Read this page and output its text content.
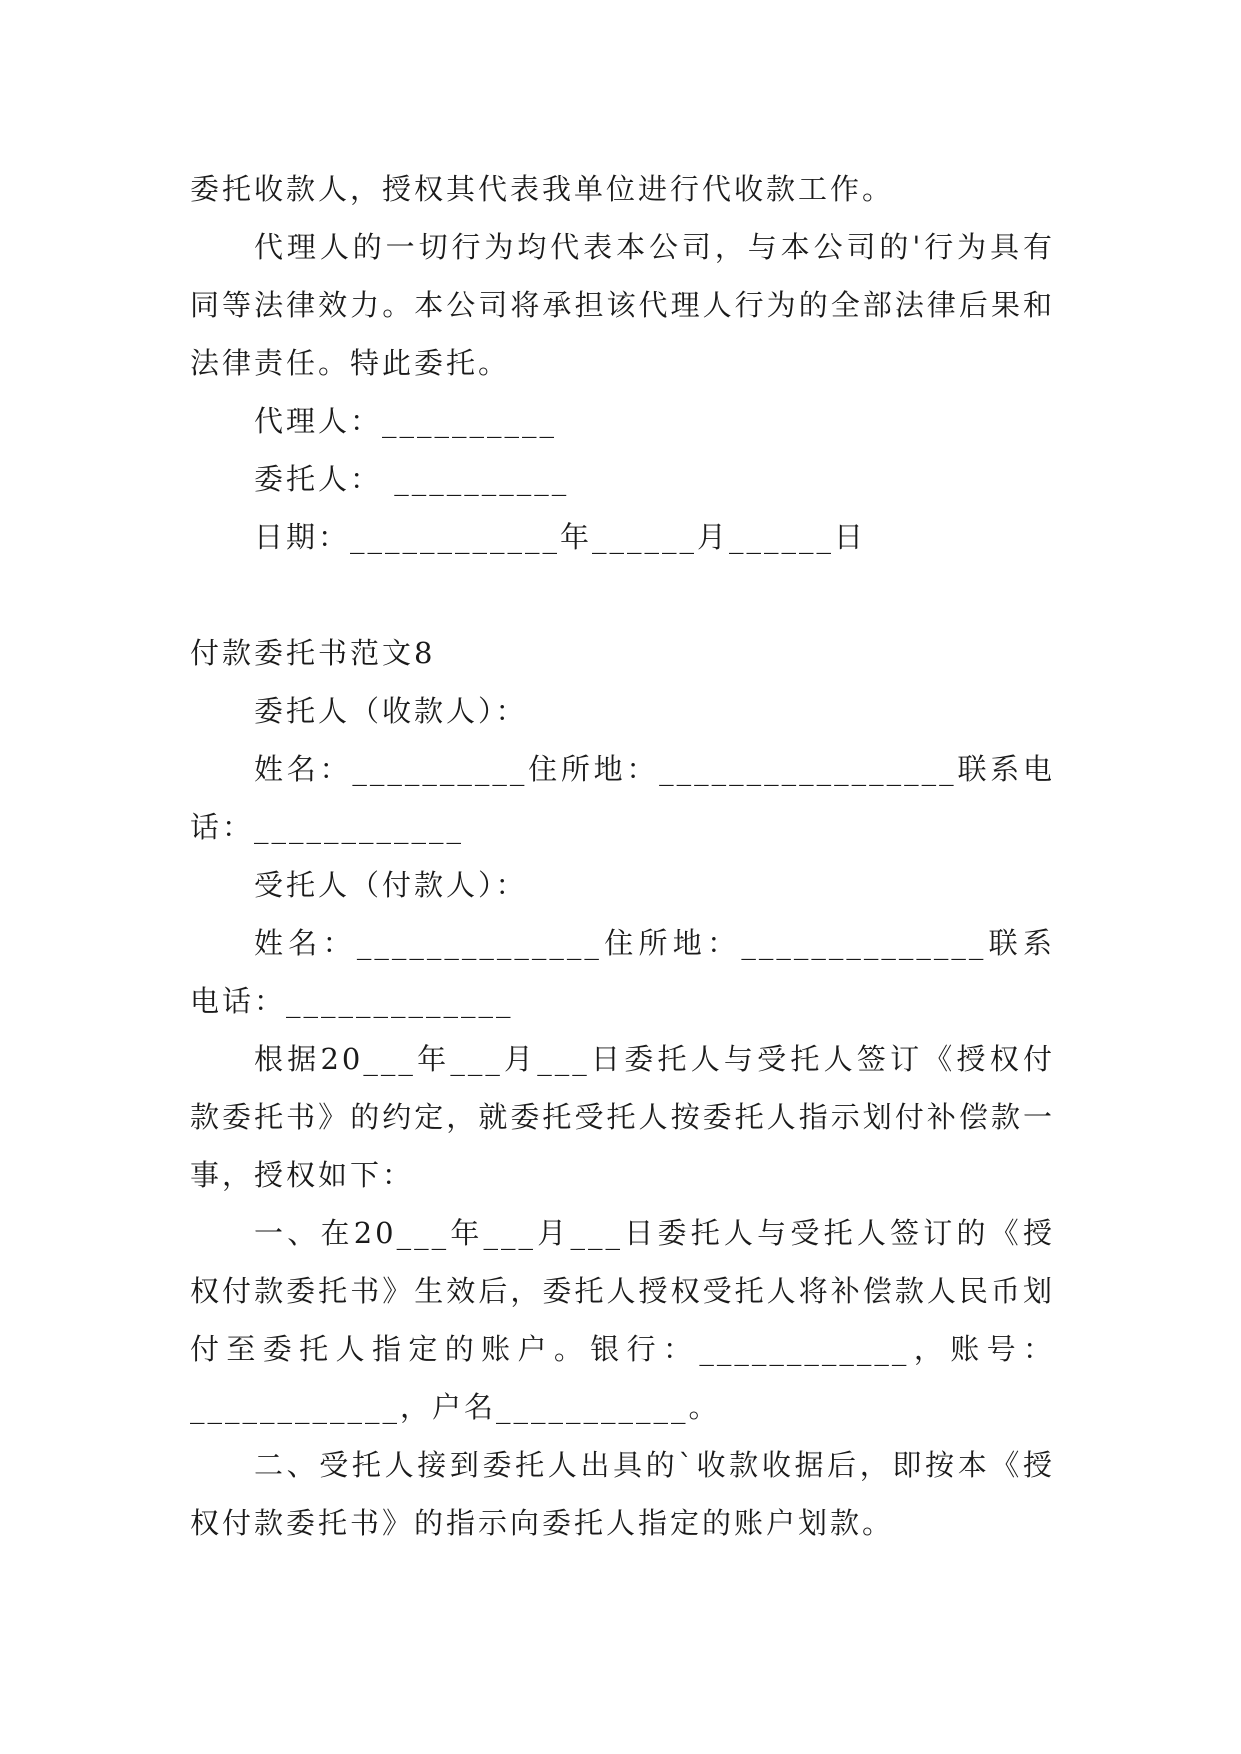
委托收款人，授权其代表我单位进行代收款工作。

代理人的一切行为均代表本公司，与本公司的'行为具有同等法律效力。本公司将承担该代理人行为的全部法律后果和法律责任。特此委托。

代理人：__________

委托人： __________

日期：____________年______月______日

付款委托书范文8

委托人（收款人）：

姓名：__________住所地：_________________联系电话：____________

受托人（付款人）：

姓名：______________住所地：______________联系电话：_____________

根据20___年___月___日委托人与受托人签订《授权付款委托书》的约定，就委托受托人按委托人指示划付补偿款一事，授权如下：

一、在20___年___月___日委托人与受托人签订的《授权付款委托书》生效后，委托人授权受托人将补偿款人民币划付至委托人指定的账户。银行：____________，账号：____________，户名___________。

二、受托人接到委托人出具的`收款收据后，即按本《授权付款委托书》的指示向委托人指定的账户划款。
